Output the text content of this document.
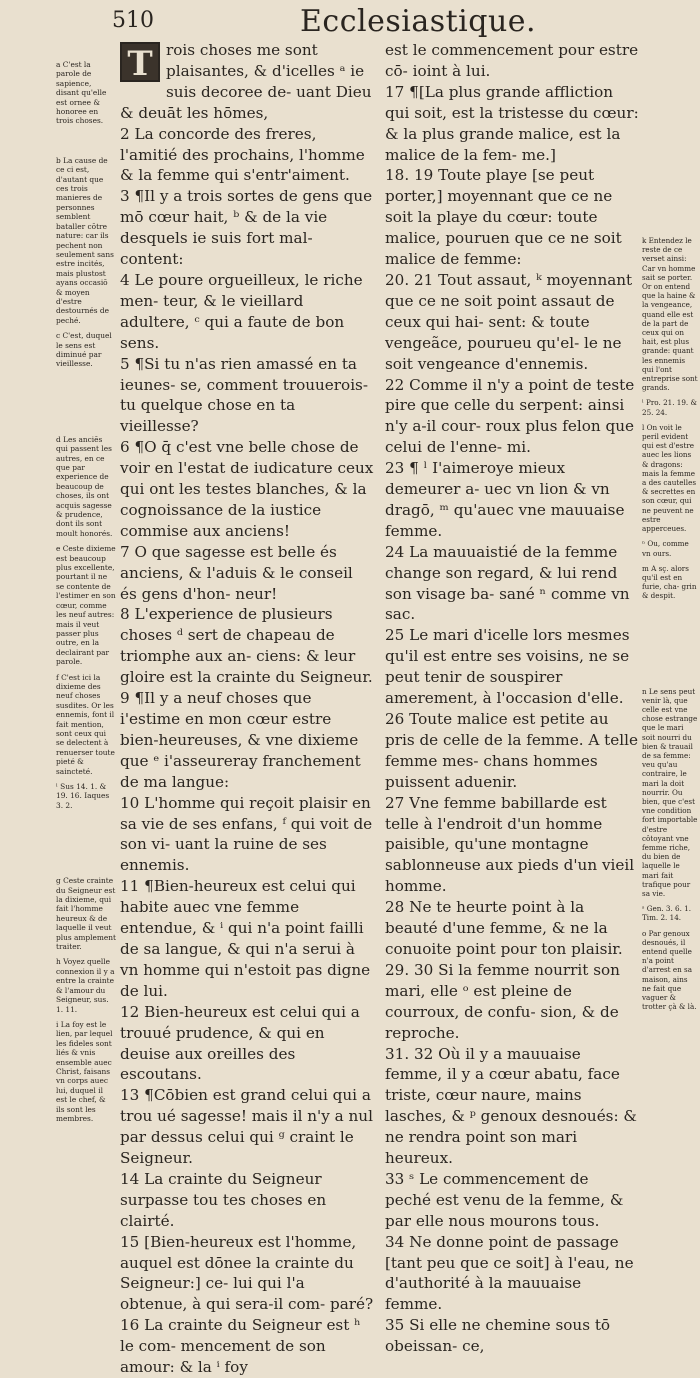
510	Ecclesiastique.

T rois choses me sont plaisantes, & d'icelles ᵃ ie suis decoree de- uant Dieu & deuāt les hōmes,

2 La concorde des freres, l'amitié des prochains, l'homme & la femme qui s'entr'aiment.

3 ¶Il y a trois sortes de gens que mō cœur hait, ᵇ & de la vie desquels ie suis fort mal-content:

4 Le poure orgueilleux, le riche men- teur, & le vieillard adultere, ᶜ qui a faute de bon sens.

5 ¶Si tu n'as rien amassé en ta ieunes- se, comment trouuerois-tu quelque chose en ta vieillesse?

6 ¶O q̄ c'est vne belle chose de voir en l'estat de iudicature ceux qui ont les testes blanches, & la cognoissance de la iustice commise aux anciens!

7 O que sagesse est belle és anciens, & l'aduis & le conseil és gens d'hon- neur!

8 L'experience de plusieurs choses ᵈ sert de chapeau de triomphe aux an- ciens: & leur gloire est la crainte du Seigneur.

9 ¶Il y a neuf choses que i'estime en mon cœur estre bien-heureuses, & vne dixieme que ᵉ i'asseureray franchement de ma langue:

10 L'homme qui reçoit plaisir en sa vie de ses enfans, ᶠ qui voit de son vi- uant la ruine de ses ennemis.

11 ¶Bien-heureux est celui qui habite auec vne femme entendue, & ⁱ qui n'a point failli de sa langue, & qui n'a serui à vn homme qui n'estoit pas digne de lui.

12 Bien-heureux est celui qui a trouué prudence, & qui en deuise aux oreilles des escoutans.

13 ¶Cōbien est grand celui qui a trou ué sagesse! mais il n'y a nul par dessus celui qui ᵍ craint le Seigneur.

14 La crainte du Seigneur surpasse tou tes choses en clairté.

15 [Bien-heureux est l'homme, auquel est dōnee la crainte du Seigneur:] ce- lui qui l'a obtenue, à qui sera-il com- paré?

16 La crainte du Seigneur est ʰ le com- mencement de son amour: & la ⁱ foy

est le commencement pour estre cō- ioint à lui.

17 ¶[La plus grande affliction qui soit, est la tristesse du cœur: & la plus grande malice, est la malice de la fem- me.]

18. 19 Toute playe [se peut porter,] moyennant que ce ne soit la playe du cœur: toute malice, pouruen que ce ne soit malice de femme:

20. 21 Tout assaut, ᵏ moyennant que ce ne soit point assaut de ceux qui hai- sent: & toute vengeãce, pourueu qu'el- le ne soit vengeance d'ennemis.

22 Comme il n'y a point de teste pire que celle du serpent: ainsi n'y a-il cour- roux plus felon que celui de l'enne- mi.

23 ¶ ˡ I'aimeroye mieux demeurer a- uec vn lion & vn dragō, ᵐ qu'auec vne mauuaise femme.

24 La mauuaistié de la femme change son regard, & lui rend son visage ba- sané ⁿ comme vn sac.

25 Le mari d'icelle lors mesmes qu'il est entre ses voisins, ne se peut tenir de souspirer amerement, à l'occasion d'elle.

26 Toute malice est petite au pris de celle de la femme. A telle femme mes- chans hommes puissent aduenir.

27 Vne femme babillarde est telle à l'endroit d'un homme paisible, qu'une montagne sablonneuse aux pieds d'un vieil homme.

28 Ne te heurte point à la beauté d'une femme, & ne la conuoite point pour ton plaisir.

29. 30 Si la femme nourrit son mari, elle ᵒ est pleine de courroux, de confu- sion, & de reproche.

31. 32 Où il y a mauuaise femme, il y a cœur abatu, face triste, cœur naure, mains lasches, & ᵖ genoux desnoués: & ne rendra point son mari heureux.

33 ˢ Le commencement de peché est venu de la femme, & par elle nous mourons tous.

34 Ne donne point de passage [tant peu que ce soit] à l'eau, ne d'authorité à la mauuaise femme.

35 Si elle ne chemine sous tō obeissan- ce,

a C'est la parole de sapience, disant qu'elle est ornee & honoree en trois choses.

b La cause de ce ci est, d'autant que ces trois manieres de personnes semblent bataller cōtre nature: car ils pechent non seulement sans estre incités, mais plustost ayans occasiō & moyen d'estre destournés de peché.

c C'est, duquel le sens est diminué par vieillesse.

d Les anciēs qui passent les autres, en ce que par experience de beaucoup de choses, ils ont acquis sagesse & prudence, dont ils sont moult honorés.

e Ceste dixieme est beaucoup plus excellente, pourtant il ne se contente de l'estimer en son cœur, comme les neuf autres: mais il veut passer plus outre, en la declairant par parole.

f C'est ici la dixieme des neuf choses susdites. Or les ennemis, font il fait mention, sont ceux qui se delectent à renuerser toute pieté & saincteté.

ˡ Sus 14. 1. & 19. 16. Iaques 3. 2.

g Ceste crainte du Seigneur est la dixieme, qui fait l'homme heureux & de laquelle il veut plus amplement traiter.

h Voyez quelle connexion il y a entre la crainte & l'amour du Seigneur, sus. 1. 11.

i La foy est le lien, par lequel les fideles sont liés & vnis ensemble auec Christ, faisans vn corps auec lui, duquel il est le chef, & ils sont les membres.

k Entendez le reste de ce verset ainsi: Car vn homme sait se porter. Or on entend que la haine & la vengeance, quand elle est de la part de ceux qui on hait, est plus grande: quant les ennemis qui l'ont entreprise sont grands.

ˡ Pro. 21. 19. & 25. 24.

l On voit le peril evident qui est d'estre auec les lions & dragons: mais la femme a des cautelles & secrettes en son cœur, qui ne peuvent ne estre apperceues.

ⁿ Ou, comme vn ours.

m A sç. alors qu'il est en furie, cha- grin & despit.

n Le sens peut venir là, que celle est vne chose estrange que le mari soit nourri du bien & trauail de sa femme: veu qu'au contraire, le mari la doit nourrir. Ou bien, que c'est vne condition fort importable d'estre côtoyant vne femme riche, du bien de laquelle le mari fait trafique pour sa vie.

ˢ Gen. 3. 6. 1. Tim. 2. 14.

o Par genoux desnoués, il entend quelle n'a point d'arrest en sa maison, ains ne fait que vaguer & trotter çà & là.
